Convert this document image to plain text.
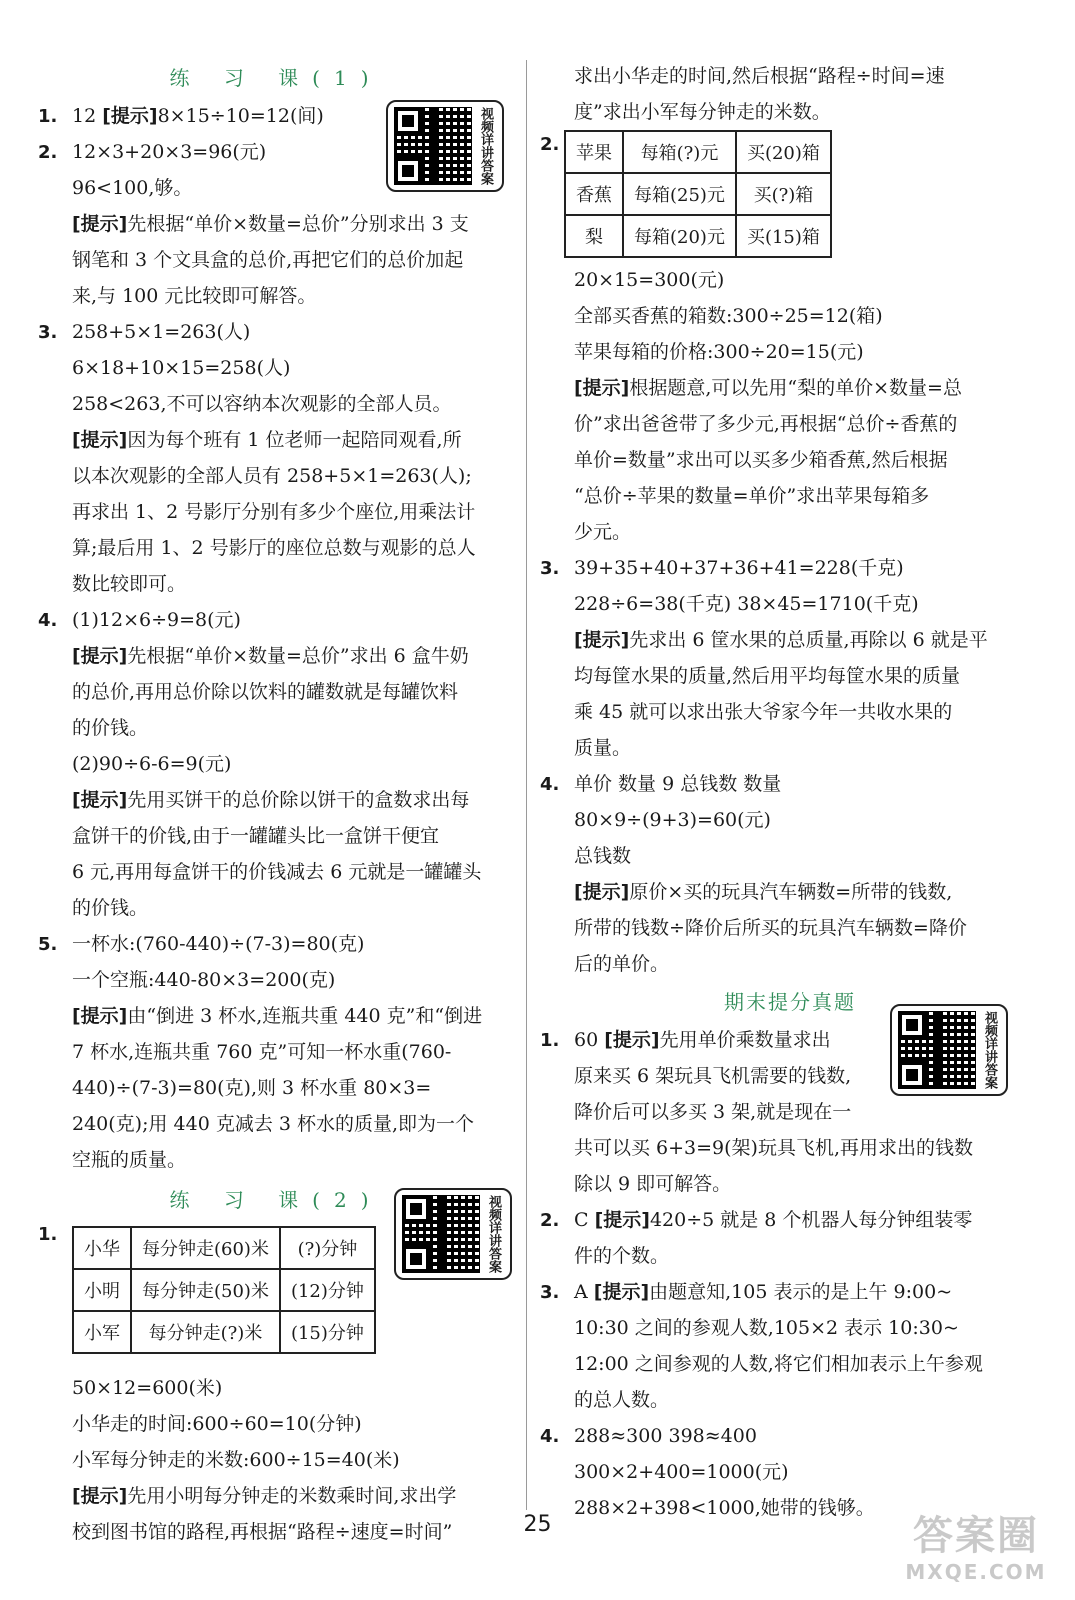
练 习 课(1)
1. 12 [提示]8×15÷10=12(间)
2. 12×3+20×3=96(元)
96<100,够。
[提示]先根据“单价×数量=总价”分别求出 3 支
钢笔和 3 个文具盒的总价,再把它们的总价加起
来,与 100 元比较即可解答。
3. 258+5×1=263(人)
6×18+10×15=258(人)
258<263,不可以容纳本次观影的全部人员。
[提示]因为每个班有 1 位老师一起陪同观看,所
以本次观影的全部人员有 258+5×1=263(人);
再求出 1、2 号影厅分别有多少个座位,用乘法计
算;最后用 1、2 号影厅的座位总数与观影的总人
数比较即可。
4. (1)12×6÷9=8(元)
[提示]先根据“单价×数量=总价”求出 6 盒牛奶
的总价,再用总价除以饮料的罐数就是每罐饮料
的价钱。
(2)90÷6-6=9(元)
[提示]先用买饼干的总价除以饼干的盒数求出每
盒饼干的价钱,由于一罐罐头比一盒饼干便宜
6 元,再用每盒饼干的价钱减去 6 元就是一罐罐头
的价钱。
5. 一杯水:(760-440)÷(7-3)=80(克)
一个空瓶:440-80×3=200(克)
[提示]由“倒进 3 杯水,连瓶共重 440 克”和“倒进
7 杯水,连瓶共重 760 克”可知一杯水重(760-
440)÷(7-3)=80(克),则 3 杯水重 80×3=
240(克);用 440 克减去 3 杯水的质量,即为一个
空瓶的质量。
练 习 课(2)
1.
小华	每分钟走(60)米	(?)分钟
小明	每分钟走(50)米	(12)分钟
小军	每分钟走(?)米	(15)分钟
50×12=600(米)
小华走的时间:600÷60=10(分钟)
小军每分钟走的米数:600÷15=40(米)
[提示]先用小明每分钟走的米数乘时间,求出学
校到图书馆的路程,再根据“路程÷速度=时间”
视频详讲答案
视频详讲答案
求出小华走的时间,然后根据“路程÷时间=速
度”求出小军每分钟走的米数。
2. 苹果	每箱(?)元	买(20)箱
香蕉	每箱(25)元	买(?)箱
梨	每箱(20)元	买(15)箱
20×15=300(元)
全部买香蕉的箱数:300÷25=12(箱)
苹果每箱的价格:300÷20=15(元)
[提示]根据题意,可以先用“梨的单价×数量=总
价”求出爸爸带了多少元,再根据“总价÷香蕉的
单价=数量”求出可以买多少箱香蕉,然后根据
“总价÷苹果的数量=单价”求出苹果每箱多
少元。
3. 39+35+40+37+36+41=228(千克)
228÷6=38(千克) 38×45=1710(千克)
[提示]先求出 6 筐水果的总质量,再除以 6 就是平
均每筐水果的质量,然后用平均每筐水果的质量
乘 45 就可以求出张大爷家今年一共收水果的
质量。
4. 单价 数量 9 总钱数 数量
80×9÷(9+3)=60(元)
总钱数
[提示]原价×买的玩具汽车辆数=所带的钱数,
所带的钱数÷降价后所买的玩具汽车辆数=降价
后的单价。
期末提分真题
1. 60 [提示]先用单价乘数量求出
原来买 6 架玩具飞机需要的钱数,
降价后可以多买 3 架,就是现在一
共可以买 6+3=9(架)玩具飞机,再用求出的钱数
除以 9 即可解答。
2. C [提示]420÷5 就是 8 个机器人每分钟组装零
件的个数。
3. A [提示]由题意知,105 表示的是上午 9:00~
10:30 之间的参观人数,105×2 表示 10:30~
12:00 之间参观的人数,将它们相加表示上午参观
的总人数。
4. 288≈300 398≈400
300×2+400=1000(元)
288×2+398<1000,她带的钱够。
视频详讲答案
25	答案圈
MXQE.COM
